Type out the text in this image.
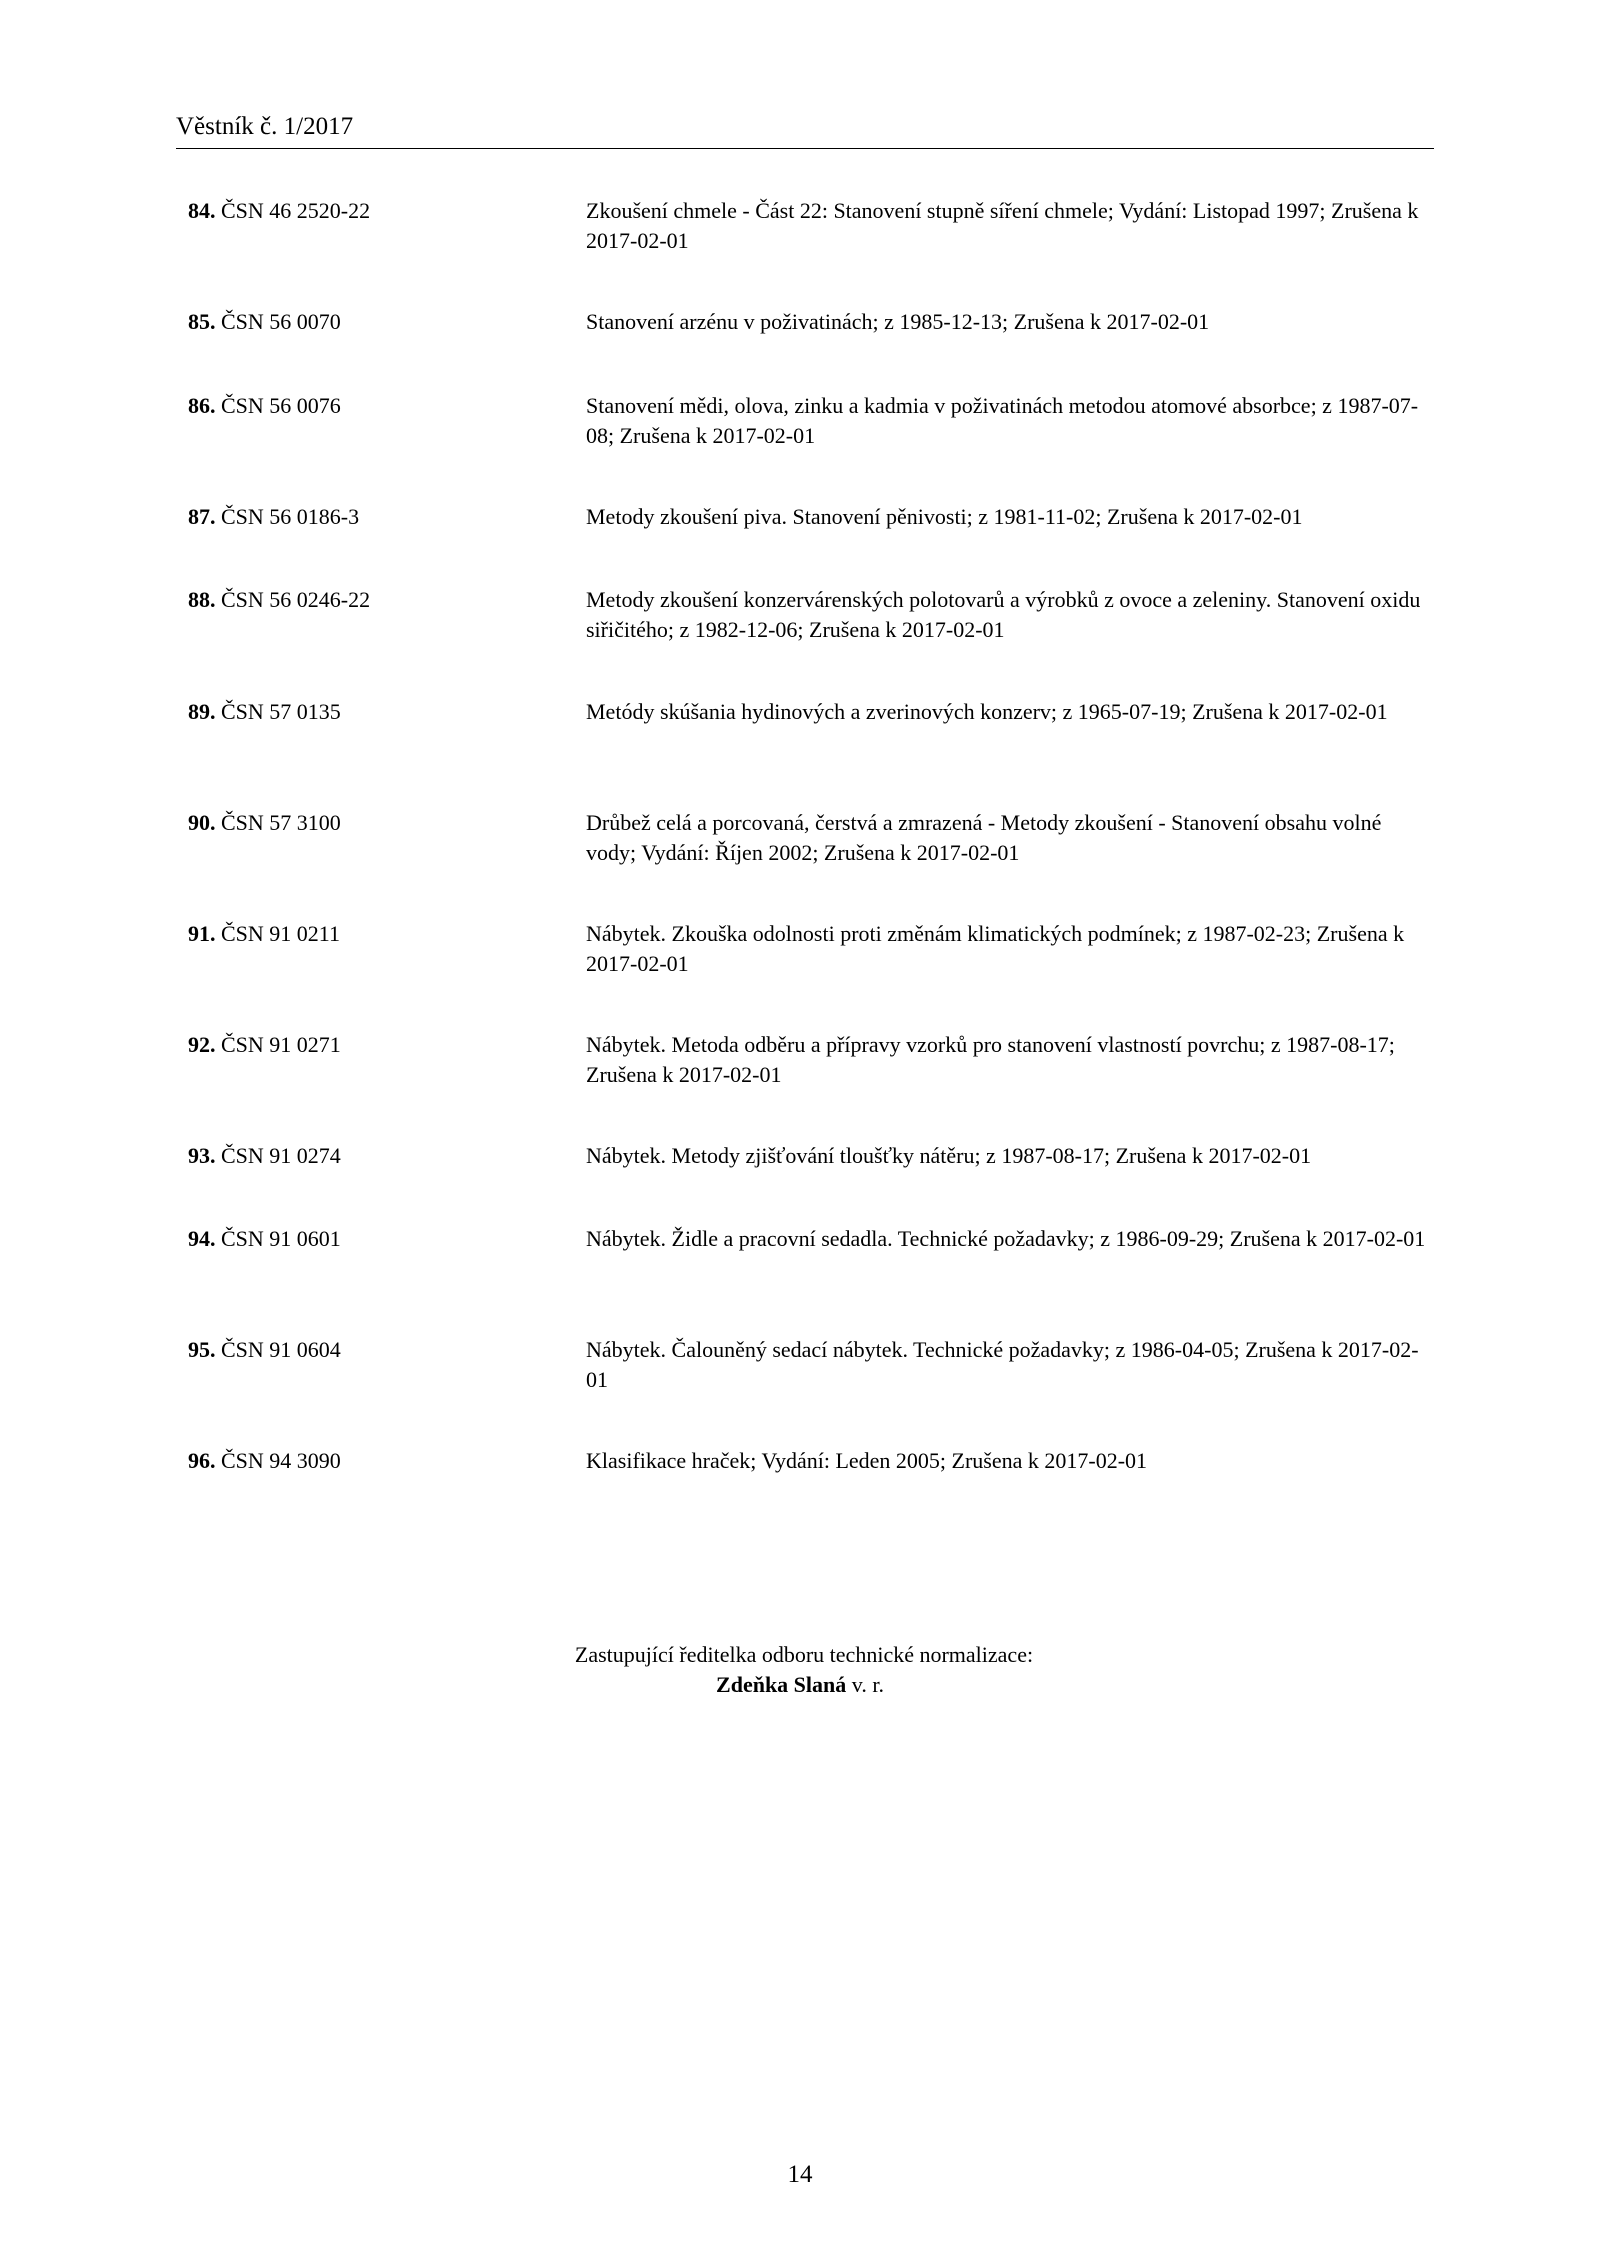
Věstník č. 1/2017
84. ČSN 46 2520-22	Zkoušení chmele - Část 22: Stanovení stupně síření chmele; Vydání: Listopad 1997; Zrušena k 2017-02-01
85. ČSN 56 0070	Stanovení arzénu v poživatinách; z 1985-12-13; Zrušena k 2017-02-01
86. ČSN 56 0076	Stanovení mědi, olova, zinku a kadmia v poživatinách metodou atomové absorbce; z 1987-07-08; Zrušena k 2017-02-01
87. ČSN 56 0186-3	Metody zkoušení piva. Stanovení pěnivosti; z 1981-11-02; Zrušena k 2017-02-01
88. ČSN 56 0246-22	Metody zkoušení konzervárenských polotovarů a výrobků z ovoce a zeleniny. Stanovení oxidu siřičitého; z 1982-12-06; Zrušena k 2017-02-01
89. ČSN 57 0135	Metódy skúšania hydinových a zverinových konzerv; z 1965-07-19; Zrušena k 2017-02-01
90. ČSN 57 3100	Drůbež celá a porcovaná, čerstvá a zmrazená - Metody zkoušení - Stanovení obsahu volné vody; Vydání: Říjen 2002; Zrušena k 2017-02-01
91. ČSN 91 0211	Nábytek. Zkouška odolnosti proti změnám klimatických podmínek; z 1987-02-23; Zrušena k 2017-02-01
92. ČSN 91 0271	Nábytek. Metoda odběru a přípravy vzorků pro stanovení vlastností povrchu; z 1987-08-17; Zrušena k 2017-02-01
93. ČSN 91 0274	Nábytek. Metody zjišťování tloušťky nátěru; z 1987-08-17; Zrušena k 2017-02-01
94. ČSN 91 0601	Nábytek. Židle a pracovní sedadla. Technické požadavky; z 1986-09-29; Zrušena k 2017-02-01
95. ČSN 91 0604	Nábytek. Čalouněný sedací nábytek. Technické požadavky; z 1986-04-05; Zrušena k 2017-02-01
96. ČSN 94 3090	Klasifikace hraček; Vydání: Leden 2005; Zrušena k 2017-02-01
Zastupující ředitelka odboru technické normalizace:
Zdeňka Slaná v. r.
14
